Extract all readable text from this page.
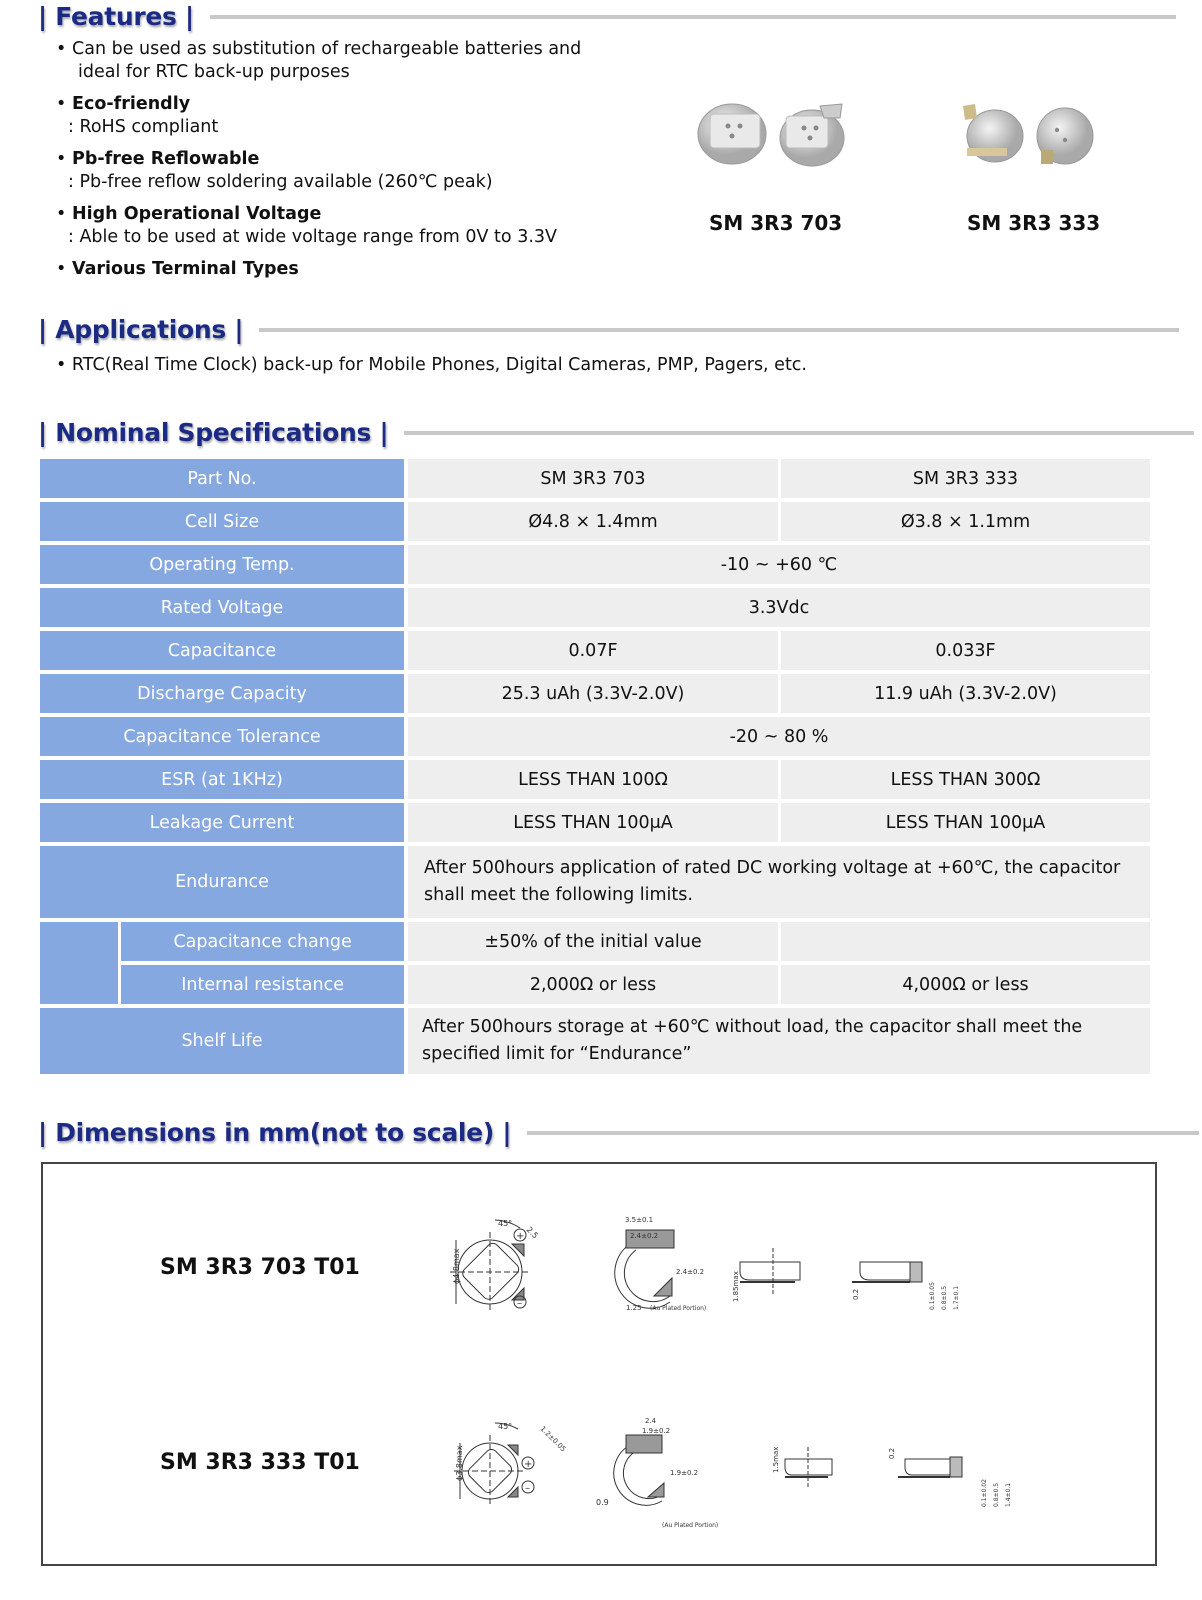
| Features |
• Can be used as substitution of rechargeable batteries and
ideal for RTC back-up purposes
• Eco-friendly
: RoHS compliant
• Pb-free Reflowable
: Pb-free reflow soldering available (260℃ peak)
• High Operational Voltage
: Able to be used at wide voltage range from 0V to 3.3V
• Various Terminal Types
SM 3R3 703	SM 3R3 333
| Applications |
• RTC(Real Time Clock) back-up for Mobile Phones, Digital Cameras, PMP, Pagers, etc.
| Nominal Specifications |
Part No.		SM 3R3 703	SM 3R3 333
Cell Size		Ø4.8 × 1.4mm	Ø3.8 × 1.1mm
Operating Temp.		-10 ~ +60 ℃	
Rated Voltage		3.3Vdc	
Capacitance		0.07F	0.033F
Discharge Capacity		25.3 uAh (3.3V-2.0V)	11.9 uAh (3.3V-2.0V)
Capacitance Tolerance		-20 ~ 80 %	
ESR (at 1KHz)		LESS THAN 100Ω	LESS THAN 300Ω
Leakage Current		LESS THAN 100μA	LESS THAN 100μA
Endurance		After 500hours application of rated DC working voltage at +60℃, the capacitor shall meet the following limits.	
	Capacitance change	±50% of the initial value	
	Internal resistance	2,000Ω or less	4,000Ω or less
Shelf Life		After 500hours storage at +60℃ without load, the capacitor shall meet the specified limit for “Endurance”	
| Dimensions in mm(not to scale) |
SM 3R3 703 T01
SM 3R3 333 T01
+
–
ϕ4.8max
45°
2.5
3.5±0.1
2.4±0.2
2.4±0.2
1.25 (Au Plated Portion)
1.85max	0.2	0.1±0.05 0.8±0.5 1.7±0.1
+
–
ϕ3.8max
45°	1.2±0.05
2.4
1.9±0.2
1.9±0.2
0.9
(Au Plated Portion)
1.5max	0.2
0.1±0.02 0.8±0.5 1.4±0.1
